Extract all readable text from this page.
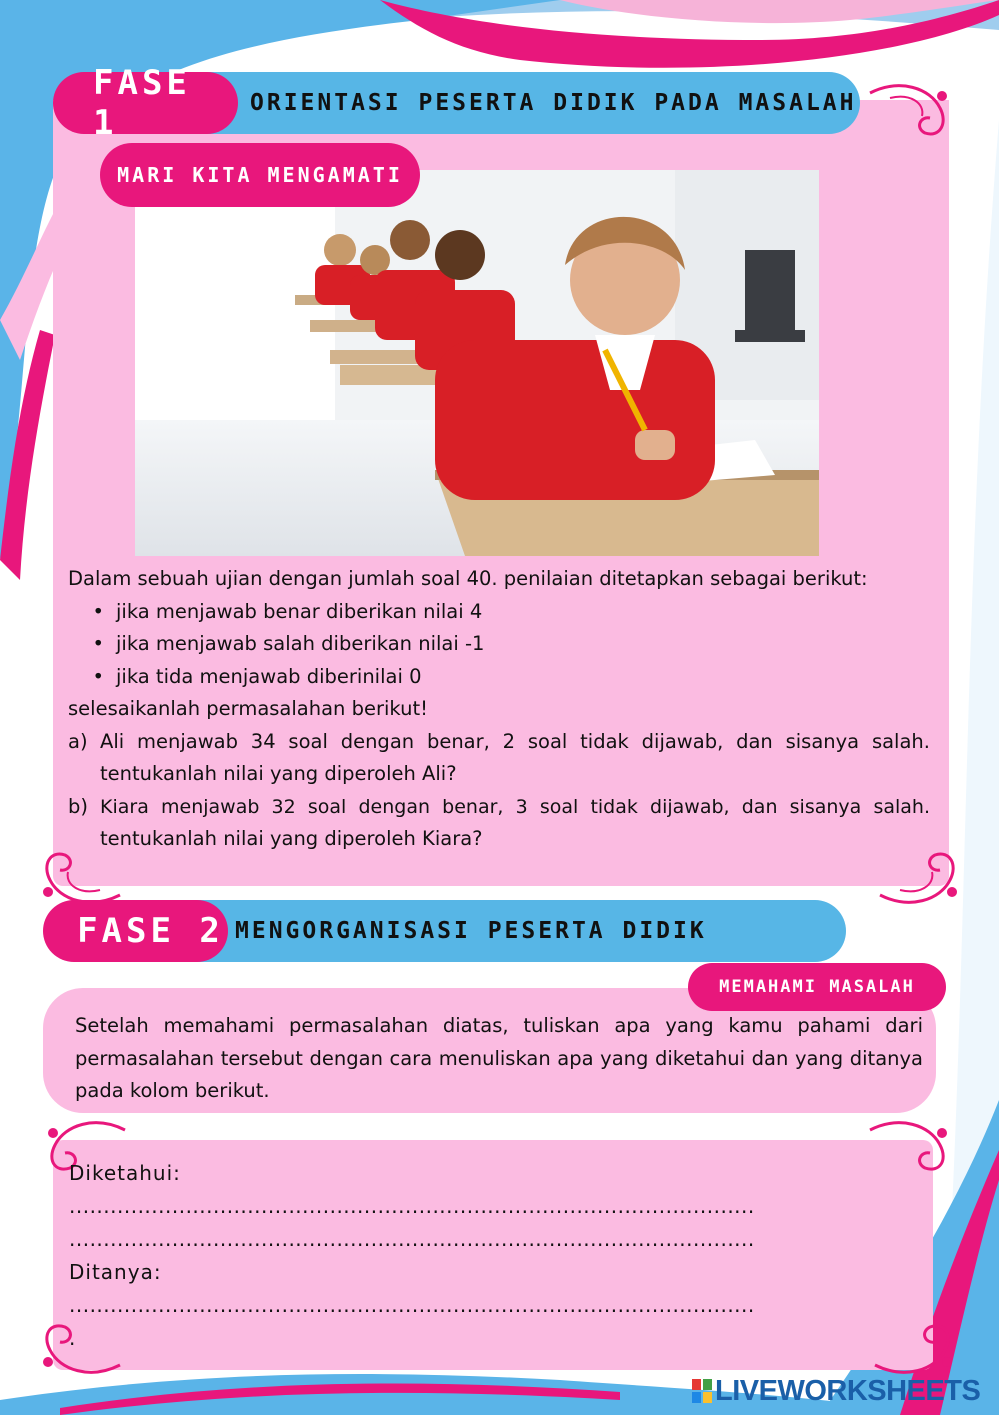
ORIENTASI PESERTA DIDIK PADA MASALAH
FASE 1
MARI KITA MENGAMATI

Dalam sebuah ujian dengan jumlah soal 40. penilaian ditetapkan sebagai berikut:

• jika menjawab benar diberikan nilai 4
• jika menjawab salah diberikan nilai -1
• jika tida menjawab diberinilai 0

selesaikanlah permasalahan berikut!

a) Ali menjawab 34 soal dengan benar, 2 soal tidak dijawab, dan sisanya salah.
tentukanlah nilai yang diperoleh Ali?
b) Kiara menjawab 32 soal dengan benar, 3 soal tidak dijawab, dan sisanya salah.
tentukanlah nilai yang diperoleh Kiara?
MENGORGANISASI PESERTA DIDIK
FASE 2
MEMAHAMI MASALAH

Setelah memahami permasalahan diatas, tuliskan apa yang kamu pahami dari permasalahan tersebut dengan cara menuliskan apa yang diketahui dan yang ditanya pada kolom berikut.

Diketahui:
....................................................................................................
....................................................................................................
Ditanya:
....................................................................................................
.
LIVEWORKSHEETS
